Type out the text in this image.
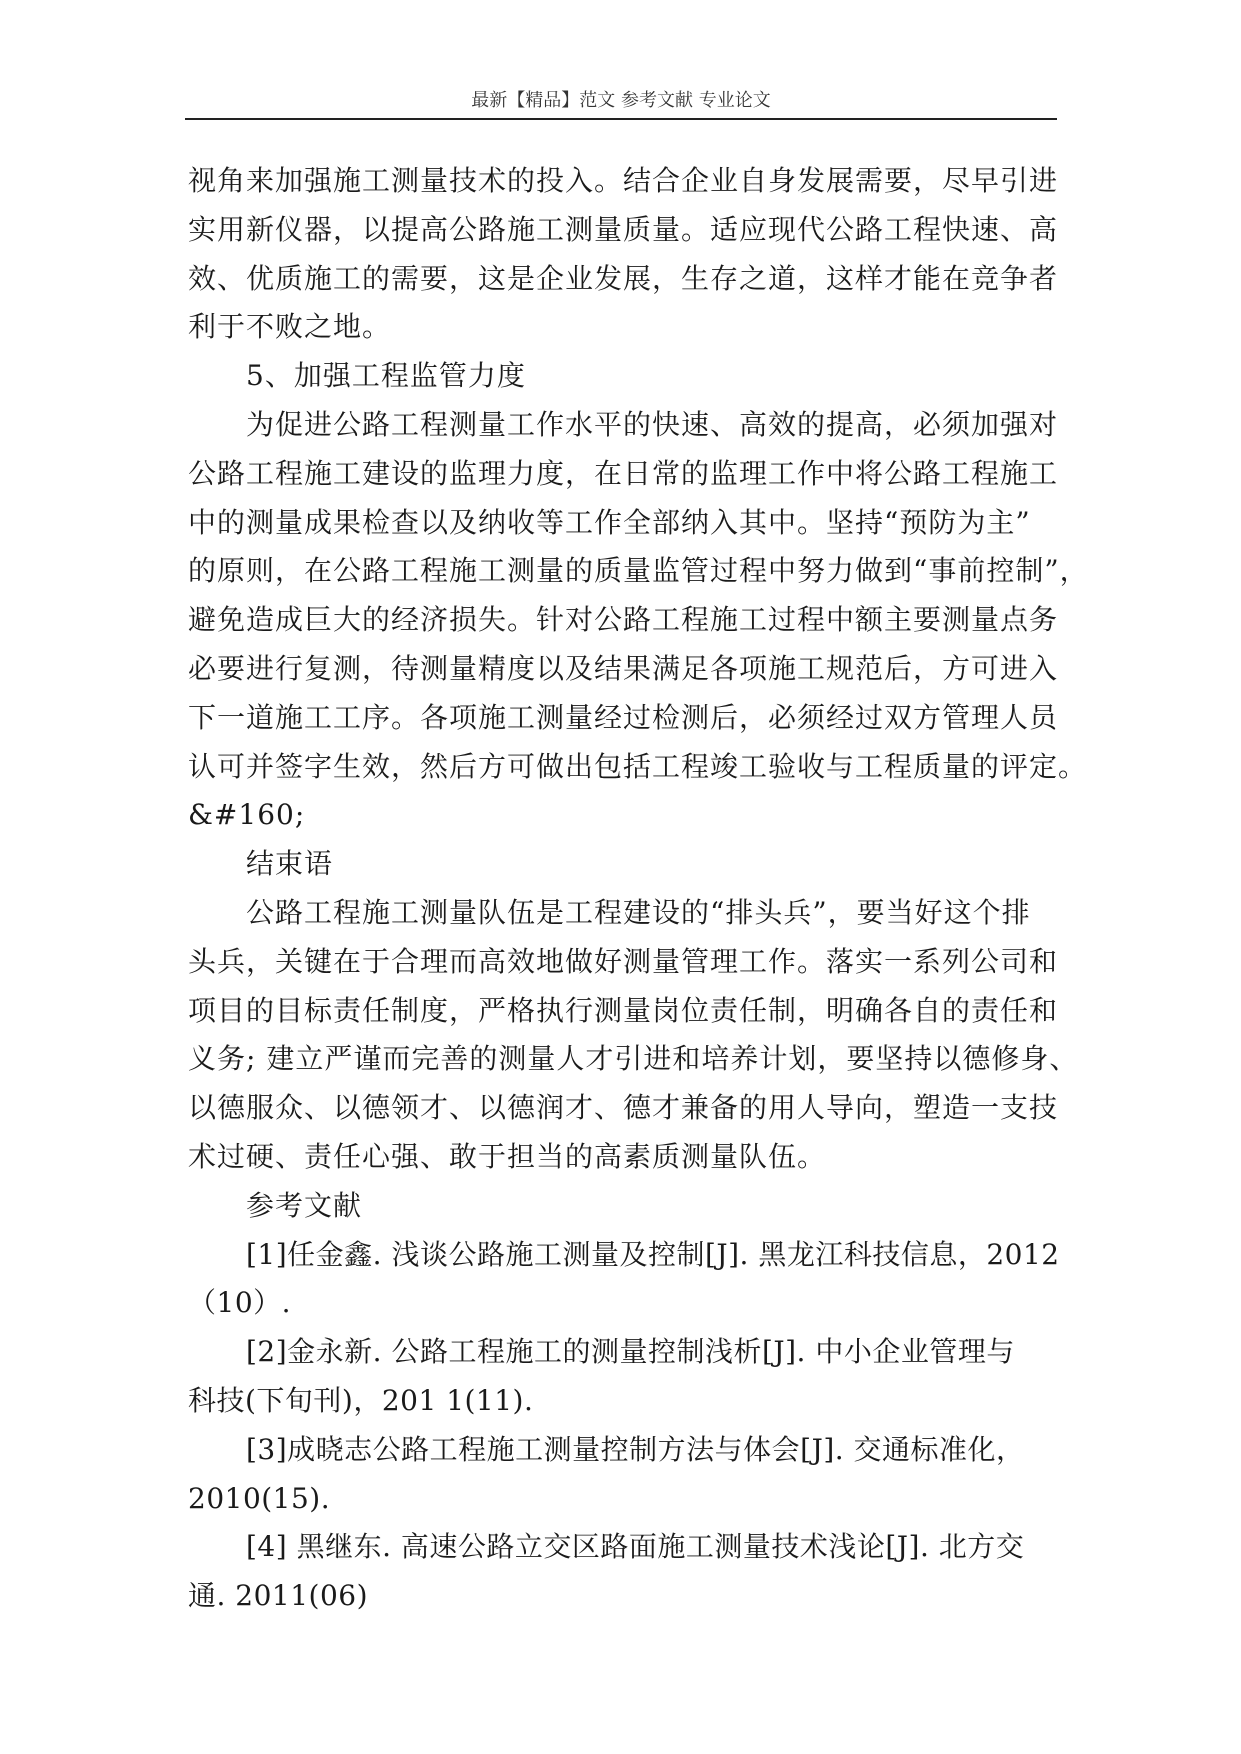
最新【精品】范文 参考文献 专业论文
视角来加强施工测量技术的投入。结合企业自身发展需要，尽早引进
实用新仪器，以提高公路施工测量质量。适应现代公路工程快速、高
效、优质施工的需要，这是企业发展，生存之道，这样才能在竞争者
利于不败之地。
5、加强工程监管力度
为促进公路工程测量工作水平的快速、高效的提高，必须加强对
公路工程施工建设的监理力度，在日常的监理工作中将公路工程施工
中的测量成果检查以及纳收等工作全部纳入其中。坚持“预防为主”
的原则，在公路工程施工测量的质量监管过程中努力做到“事前控制”，
避免造成巨大的经济损失。针对公路工程施工过程中额主要测量点务
必要进行复测，待测量精度以及结果满足各项施工规范后，方可进入
下一道施工工序。各项施工测量经过检测后，必须经过双方管理人员
认可并签字生效，然后方可做出包括工程竣工验收与工程质量的评定。
&#160;
结束语
公路工程施工测量队伍是工程建设的“排头兵”，要当好这个排
头兵，关键在于合理而高效地做好测量管理工作。落实一系列公司和
项目的目标责任制度，严格执行测量岗位责任制，明确各自的责任和
义务; 建立严谨而完善的测量人才引进和培养计划，要坚持以德修身、
以德服众、以德领才、以德润才、德才兼备的用人导向，塑造一支技
术过硬、责任心强、敢于担当的高素质测量队伍。
参考文献
[1]任金鑫. 浅谈公路施工测量及控制[J]. 黑龙江科技信息，2012
（10）.
[2]金永新. 公路工程施工的测量控制浅析[J]. 中小企业管理与
科技(下旬刊)，201 1(11).
[3]成晓志公路工程施工测量控制方法与体会[J]. 交通标准化，
2010(15).
[4] 黑继东. 高速公路立交区路面施工测量技术浅论[J]. 北方交
通. 2011(06)
